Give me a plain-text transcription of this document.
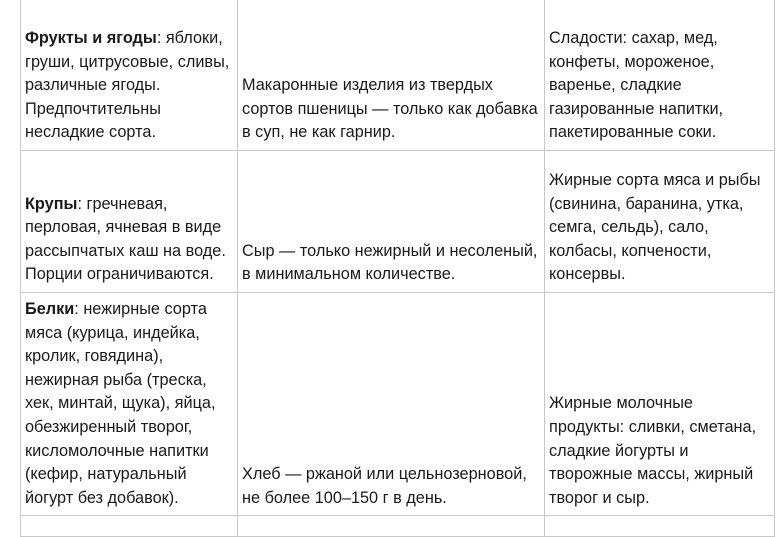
Фрукты и ягоды: яблоки, груши, цитрусовые, сливы, различные ягоды. Предпочтительны несладкие сорта.	Макаронные изделия из твердых сортов пшеницы — только как добавка в суп, не как гарнир.	Сладости: сахар, мед, конфеты, мороженое, варенье, сладкие газированные напитки, пакетированные соки.
Крупы: гречневая, перловая, ячневая в виде рассыпчатых каш на воде. Порции ограничиваются.	Сыр — только нежирный и несоленый, в минимальном количестве.	Жирные сорта мяса и рыбы (свинина, баранина, утка, семга, сельдь), сало, колбасы, копчености, консервы.
Белки: нежирные сорта мяса (курица, индейка, кролик, говядина), нежирная рыба (треска, хек, минтай, щука), яйца, обезжиренный творог, кисломолочные напитки (кефир, натуральный йогурт без добавок).	Хлеб — ржаной или цельнозерновой, не более 100–150 г в день.	Жирные молочные продукты: сливки, сметана, сладкие йогурты и творожные массы, жирный творог и сыр.
